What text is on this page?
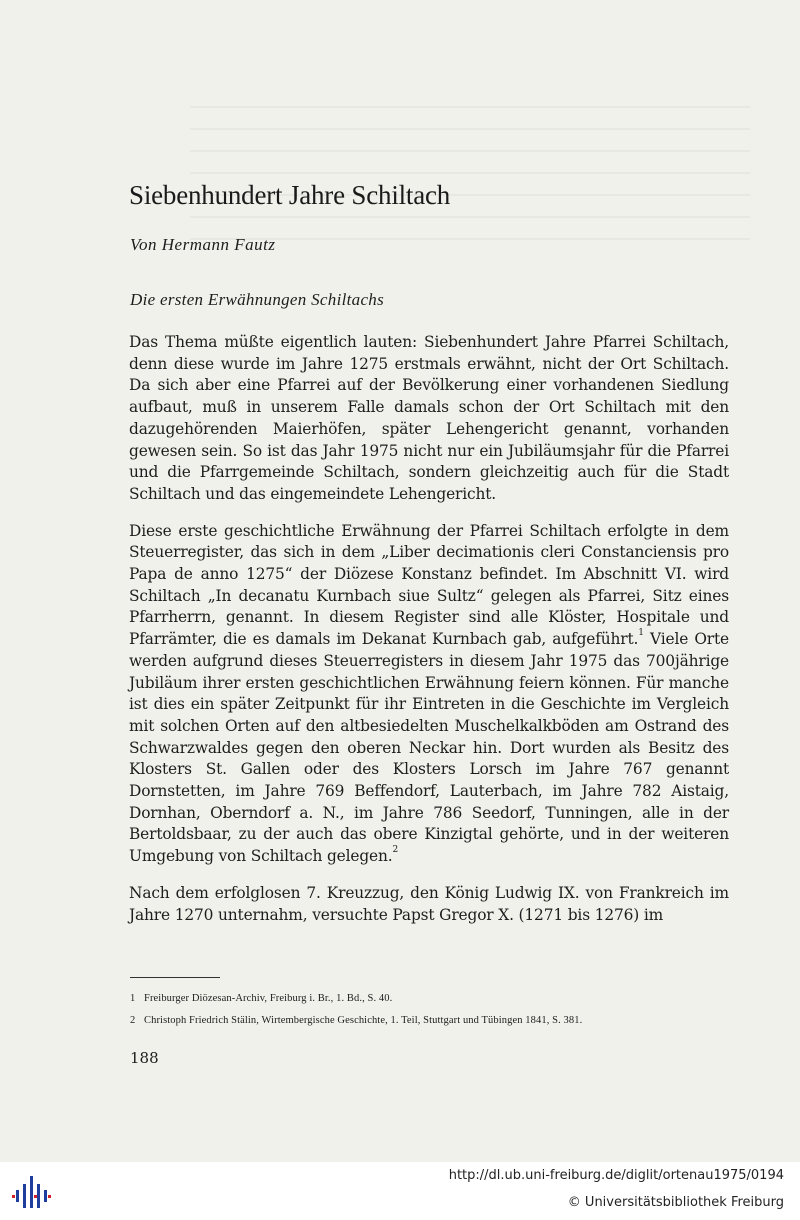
Siebenhundert Jahre Schiltach
Von Hermann Fautz
Die ersten Erwähnungen Schiltachs

Das Thema müßte eigentlich lauten: Siebenhundert Jahre Pfarrei Schiltach, denn diese wurde im Jahre 1275 erstmals erwähnt, nicht der Ort Schiltach. Da sich aber eine Pfarrei auf der Bevölkerung einer vorhandenen Siedlung aufbaut, muß in unserem Falle damals schon der Ort Schiltach mit den dazugehörenden Maierhöfen, später Lehengericht genannt, vorhanden gewesen sein. So ist das Jahr 1975 nicht nur ein Jubiläumsjahr für die Pfarrei und die Pfarrgemeinde Schiltach, sondern gleichzeitig auch für die Stadt Schiltach und das eingemeindete Lehengericht.

Diese erste geschichtliche Erwähnung der Pfarrei Schiltach erfolgte in dem Steuerregister, das sich in dem „Liber decimationis cleri Constanciensis pro Papa de anno 1275“ der Diözese Konstanz befindet. Im Abschnitt VI. wird Schiltach „In decanatu Kurnbach siue Sultz“ gelegen als Pfarrei, Sitz eines Pfarrherrn, genannt. In diesem Register sind alle Klöster, Hospitale und Pfarrämter, die es damals im Dekanat Kurnbach gab, aufgeführt.$^1$ Viele Orte werden aufgrund dieses Steuerregisters in diesem Jahr 1975 das 700jährige Jubiläum ihrer ersten geschichtlichen Erwähnung feiern können. Für manche ist dies ein später Zeitpunkt für ihr Eintreten in die Geschichte im Vergleich mit solchen Orten auf den altbesiedelten Muschelkalkböden am Ostrand des Schwarzwaldes gegen den oberen Neckar hin. Dort wurden als Besitz des Klosters St. Gallen oder des Klosters Lorsch im Jahre 767 genannt Dornstetten, im Jahre 769 Beffendorf, Lauterbach, im Jahre 782 Aistaig, Dornhan, Oberndorf a. N., im Jahre 786 Seedorf, Tunningen, alle in der Bertoldsbaar, zu der auch das obere Kinzigtal gehörte, und in der weiteren Umgebung von Schiltach gelegen.$^2$

Nach dem erfolglosen 7. Kreuzzug, den König Ludwig IX. von Frankreich im Jahre 1270 unternahm, versuchte Papst Gregor X. (1271 bis 1276) im

1 Freiburger Diözesan-Archiv, Freiburg i. Br., 1. Bd., S. 40.
2 Christoph Friedrich Stälin, Wirtembergische Geschichte, 1. Teil, Stuttgart und Tübingen 1841, S. 381.
188
http://dl.ub.uni-freiburg.de/diglit/ortenau1975/0194
© Universitätsbibliothek Freiburg
